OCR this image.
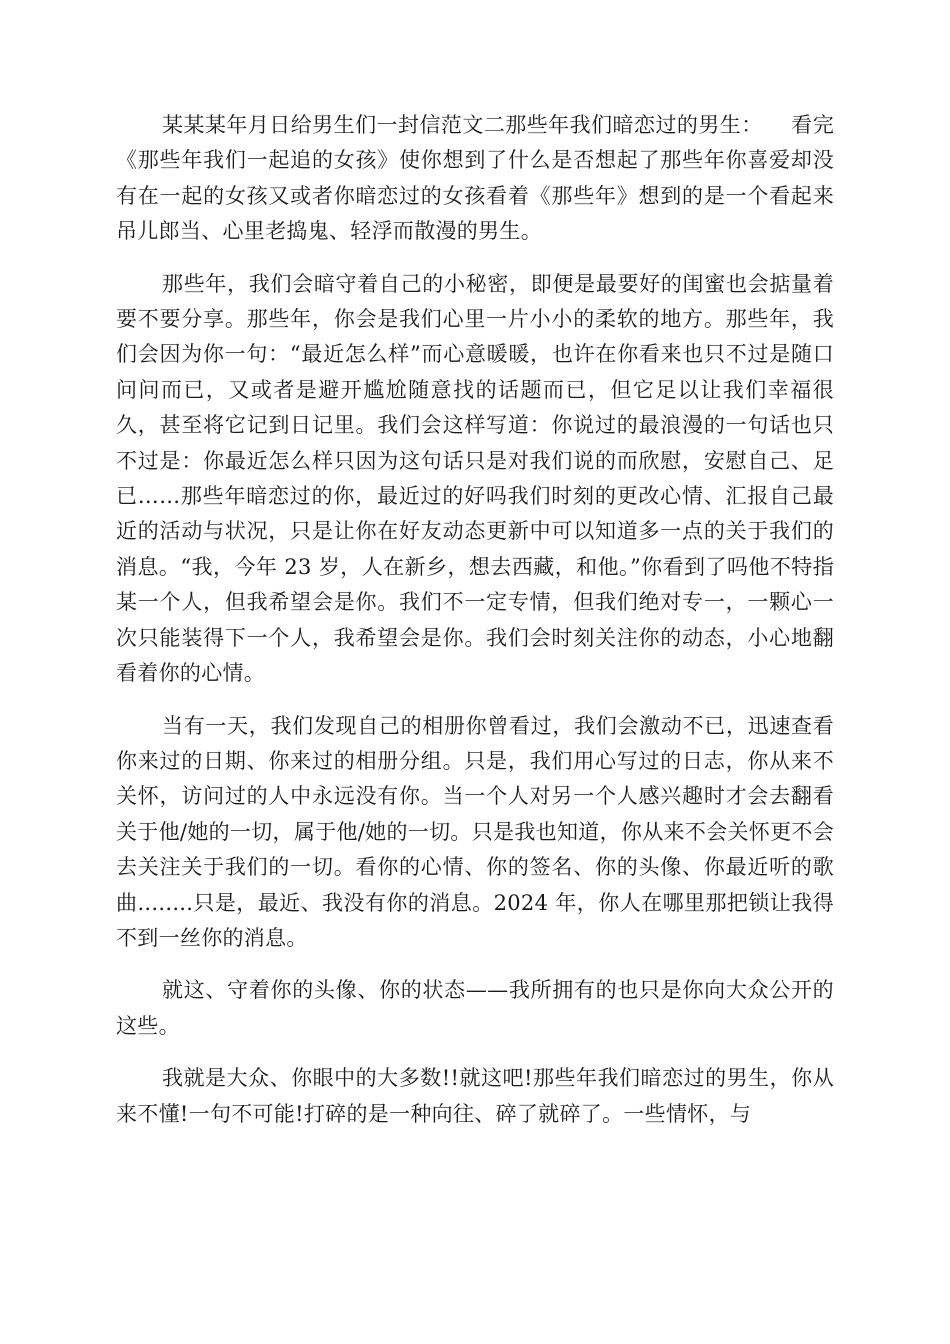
某某某年月日给男生们一封信范文二那些年我们暗恋过的男生：    看完《那些年我们一起追的女孩》使你想到了什么是否想起了那些年你喜爱却没有在一起的女孩又或者你暗恋过的女孩看着《那些年》想到的是一个看起来吊儿郎当、心里老捣鬼、轻浮而散漫的男生。

那些年，我们会暗守着自己的小秘密，即便是最要好的闺蜜也会掂量着要不要分享。那些年，你会是我们心里一片小小的柔软的地方。那些年，我们会因为你一句：“最近怎么样”而心意暖暖，也许在你看来也只不过是随口问问而已，又或者是避开尴尬随意找的话题而已，但它足以让我们幸福很久，甚至将它记到日记里。我们会这样写道：你说过的最浪漫的一句话也只不过是：你最近怎么样只因为这句话只是对我们说的而欣慰，安慰自己、足已……那些年暗恋过的你，最近过的好吗我们时刻的更改心情、汇报自己最近的活动与状况，只是让你在好友动态更新中可以知道多一点的关于我们的消息。“我，今年 23 岁，人在新乡，想去西藏，和他。”你看到了吗他不特指某一个人，但我希望会是你。我们不一定专情，但我们绝对专一，一颗心一次只能装得下一个人，我希望会是你。我们会时刻关注你的动态，小心地翻看着你的心情。

当有一天，我们发现自己的相册你曾看过，我们会激动不已，迅速查看你来过的日期、你来过的相册分组。只是，我们用心写过的日志，你从来不关怀，访问过的人中永远没有你。当一个人对另一个人感兴趣时才会去翻看关于他/她的一切，属于他/她的一切。只是我也知道，你从来不会关怀更不会去关注关于我们的一切。看你的心情、你的签名、你的头像、你最近听的歌曲........只是，最近、我没有你的消息。2024 年，你人在哪里那把锁让我得不到一丝你的消息。

就这、守着你的头像、你的状态——我所拥有的也只是你向大众公开的这些。

我就是大众、你眼中的大多数!!就这吧!那些年我们暗恋过的男生，你从来不懂!一句不可能!打碎的是一种向往、碎了就碎了。一些情怀，与
